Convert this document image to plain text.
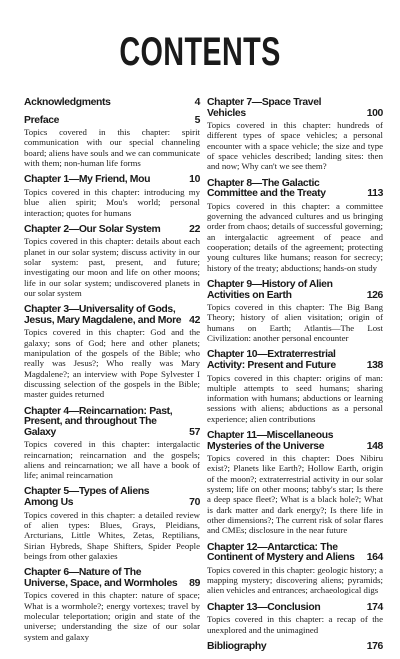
CONTENTS
Acknowledgments	4
Preface	5
Topics covered in this chapter: spirit communication with our special channeling board; aliens have souls and we can communicate with them; non-human life forms
Chapter 1—My Friend, Mou	10
Topics covered in this chapter: introducing my blue alien spirit; Mou's world; personal interaction; quotes for humans
Chapter 2—Our Solar System	22
Topics covered in this chapter: details about each planet in our solar system; discuss activity in our solar system: past, present, and future; investigating our moon and life on other moons; life in our solar system; undiscovered planets in our solar system
Chapter 3—Universality of Gods, Jesus, Mary Magdalene, and More 42
Topics covered in this chapter: God and the galaxy; sons of God; here and other planets; manipulation of the gospels of the Bible; who really was Jesus?; Who really was Mary Magdalene?; an interview with Pope Sylvester I discussing selection of the gospels in the Bible; master guides returned
Chapter 4—Reincarnation: Past, Present, and throughout The Galaxy	57
Topics covered in this chapter: intergalactic reincarnation; reincarnation and the gospels; aliens and reincarnation; we all have a book of life; animal reincarnation
Chapter 5—Types of Aliens Among Us	70
Topics covered in this chapter: a detailed review of alien types: Blues, Grays, Pleidians, Arcturians, Little Whites, Zetas, Reptilians, Sirian Hybreds, Shape Shifters, Spider People beings from other galaxies
Chapter 6—Nature of The Universe, Space, and Wormholes	89
Topics covered in this chapter: nature of space; What is a wormhole?; energy vortexes; travel by molecular teleportation; origin and state of the universe; understanding the size of our solar system and galaxy
Chapter 7—Space Travel Vehicles	100
Topics covered in this chapter: hundreds of different types of space vehicles; a personal encounter with a space vehicle; the size and type of space vehicles described; landing sites: then and now; Why can't we see them?
Chapter 8—The Galactic Committee and the Treaty	113
Topics covered in this chapter: a committee governing the advanced cultures and us bringing order from chaos; details of successful governing; an intergalactic agreement of peace and cooperation; details of the agreement; protecting young cultures like humans; reason for secrecy; history of the treaty; abductions; hands-on study
Chapter 9—History of Alien Activities on Earth	126
Topics covered in this chapter: The Big Bang Theory; history of alien visitation; origin of humans on Earth; Atlantis—The Lost Civilization: another personal encounter
Chapter 10—Extraterrestrial Activity: Present and Future	138
Topics covered in this chapter: origins of man: multiple attempts to seed humans; sharing information with humans; abductions or learning sessions with aliens; abductions as a personal experience; alien contributions
Chapter 11—Miscellaneous Mysteries of the Universe	148
Topics covered in this chapter: Does Nibiru exist?; Planets like Earth?; Hollow Earth, origin of the moon?; extraterrestrial activity in our solar system; life on other moons; tabby's star; Is there a deep space fleet?; What is a black hole?; What is dark matter and dark energy?; Is there life in other dimensions?; The current risk of solar flares and CMEs; disclosure in the near future
Chapter 12—Antarctica: The Continent of Mystery and Aliens	164
Topics covered in this chapter: geologic history; a mapping mystery; discovering aliens; pyramids; alien vehicles and entrances; archaeological digs
Chapter 13—Conclusion	174
Topics covered in this chapter: a recap of the unexplored and the unimagined
Bibliography	176
